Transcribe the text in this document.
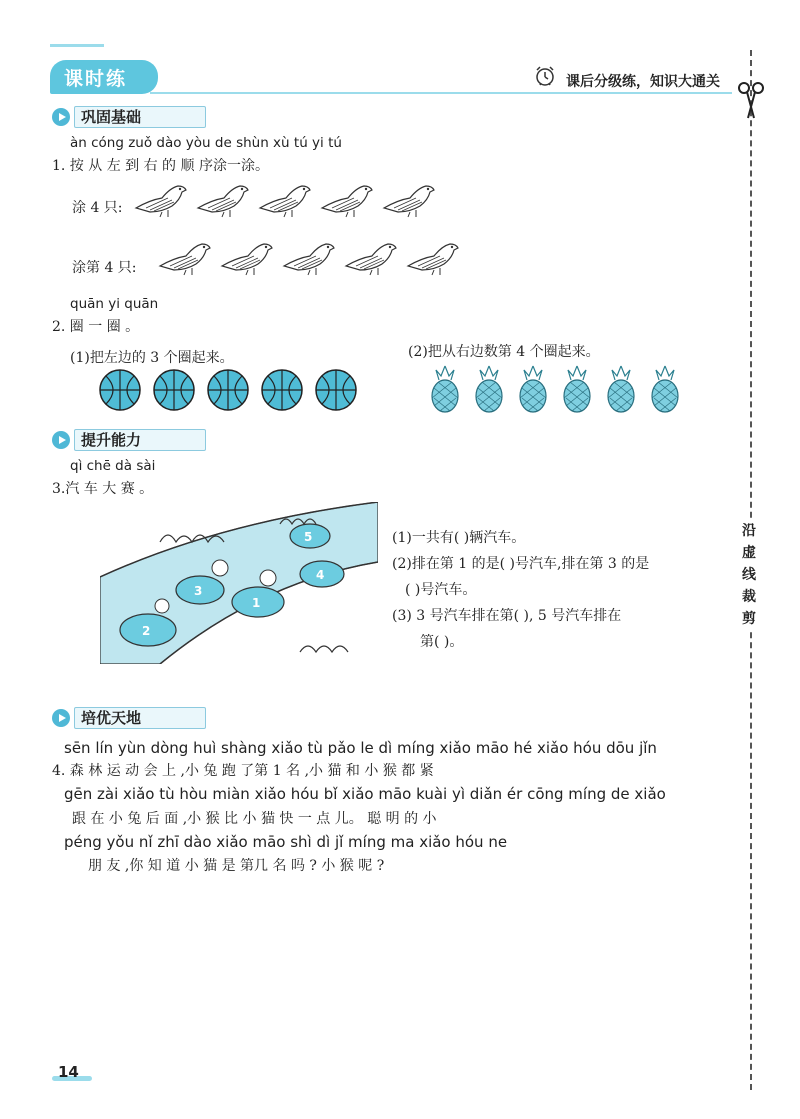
课时练	课后分级练，知识大通关
沿
虚
线
裁
剪
巩固基础
àn cóng zuǒ dào yòu de shùn xù tú yi tú
1. 按 从 左 到 右 的 顺 序涂一涂。
涂 4 只:
涂第 4 只:
quān yi quān
2. 圈 一 圈 。
(1)把左边的 3 个圈起来。	(2)把从右边数第 4 个圈起来。
提升能力
qì chē dà sài
3.汽 车 大 赛 。
2
3
1
4
5	(1)一共有( )辆汽车。
(2)排在第 1 的是( )号汽车,排在第 3 的是
( )号汽车。
(3) 3 号汽车排在第( ), 5 号汽车排在
第( )。
培优天地
sēn lín yùn dòng huì shàng xiǎo tù pǎo le dì míng xiǎo māo hé xiǎo hóu dōu jǐn
4. 森 林 运 动 会 上 ,小 兔 跑 了第 1 名 ,小 猫 和 小 猴 都 紧
gēn zài xiǎo tù hòu miàn xiǎo hóu bǐ xiǎo māo kuài yì diǎn ér cōng míng de xiǎo
跟 在 小 兔 后 面 ,小 猴 比 小 猫 快 一 点 儿。 聪 明 的 小
péng yǒu nǐ zhī dào xiǎo māo shì dì jǐ míng ma xiǎo hóu ne
朋 友 ,你 知 道 小 猫 是 第几 名 吗 ? 小 猴 呢 ?
14
